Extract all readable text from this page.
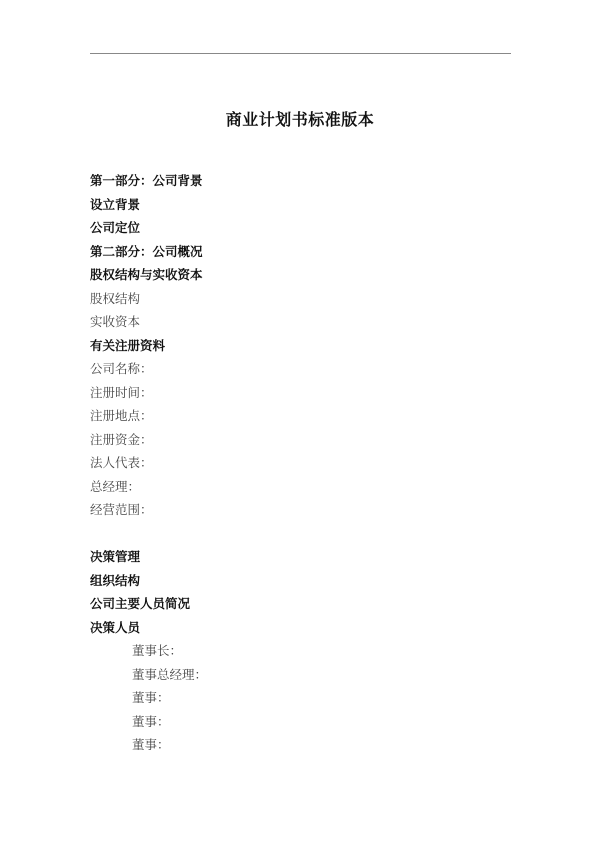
商业计划书标准版本
第一部分：公司背景
设立背景
公司定位
第二部分：公司概况
股权结构与实收资本
股权结构
实收资本
有关注册资料
公司名称：
注册时间：
注册地点：
注册资金：
法人代表：
总经理：
经营范围：
决策管理
组织结构
公司主要人员简况
决策人员
董事长：
董事总经理：
董事：
董事：
董事：
